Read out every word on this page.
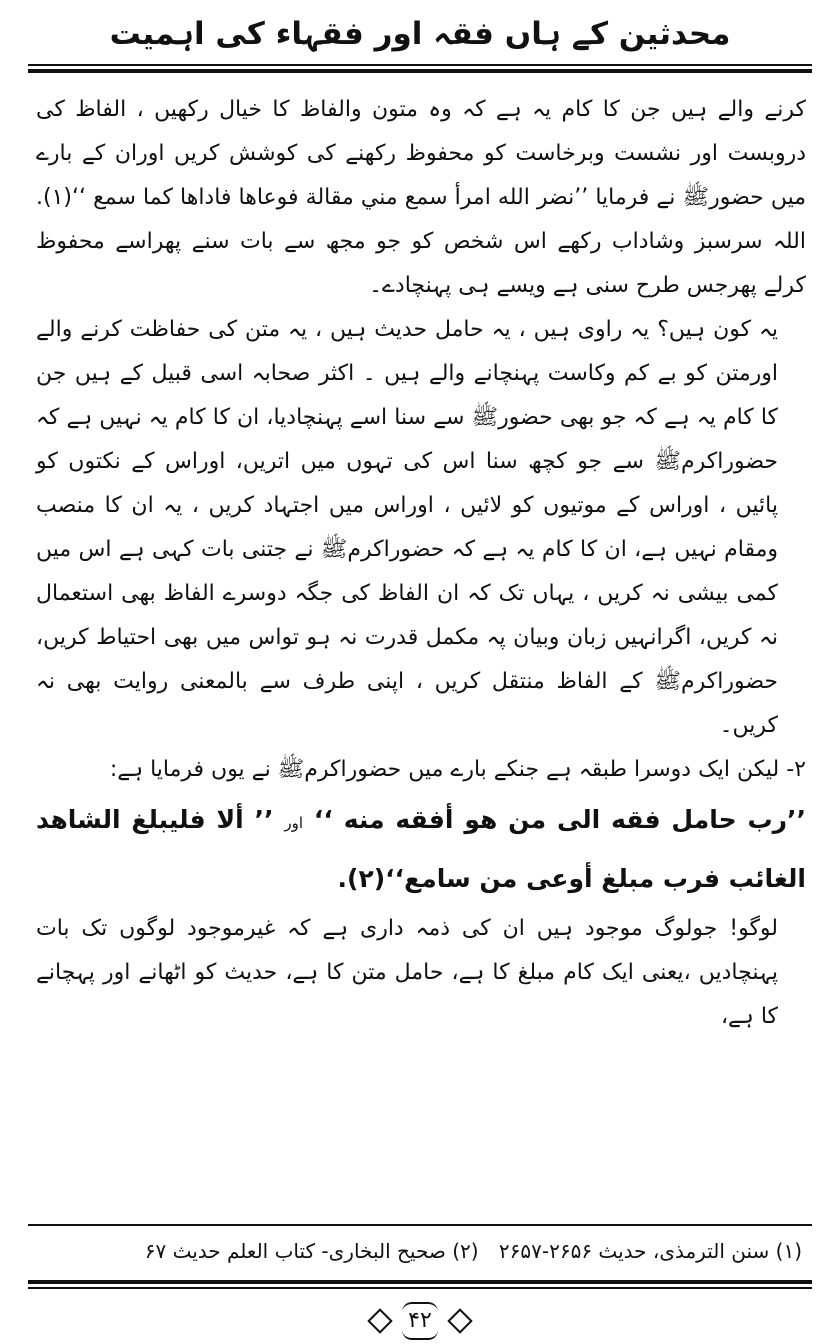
محدثین کے ہاں فقہ اور فقہاء کی اہمیت

کرنے والے ہیں جن کا کام یہ ہے کہ وہ متون والفاظ کا خیال رکھیں ، الفاظ کی دروبست اور نشست وبرخاست کو محفوظ رکھنے کی کوشش کریں اوران کے بارے میں حضورﷺ نے فرمایا ’’نضر الله امرأ سمع مني مقالة فوعاها فاداها كما سمع ‘‘(۱). اللہ سرسبز وشاداب رکھے اس شخص کو جو مجھ سے بات سنے پھراسے محفوظ کرلے پھرجس طرح سنی ہے ویسے ہی پہنچادے۔

یہ کون ہیں؟ یہ راوی ہیں ، یہ حامل حدیث ہیں ، یہ متن کی حفاظت کرنے والے اورمتن کو بے کم وکاست پہنچانے والے ہیں ۔ اکثر صحابہ اسی قبیل کے ہیں جن کا کام یہ ہے کہ جو بھی حضورﷺ سے سنا اسے پہنچادیا، ان کا کام یہ نہیں ہے کہ حضوراکرمﷺ سے جو کچھ سنا اس کی تہوں میں اتریں، اوراس کے نکتوں کو پائیں ، اوراس کے موتیوں کو لائیں ، اوراس میں اجتہاد کریں ، یہ ان کا منصب ومقام نہیں ہے، ان کا کام یہ ہے کہ حضوراکرمﷺ نے جتنی بات کہی ہے اس میں کمی بیشی نہ کریں ، یہاں تک کہ ان الفاظ کی جگہ دوسرے الفاظ بھی استعمال نہ کریں، اگرانہیں زبان وبیان پہ مکمل قدرت نہ ہو تواس میں بھی احتیاط کریں، حضوراکرمﷺ کے الفاظ منتقل کریں ، اپنی طرف سے بالمعنی روایت بھی نہ کریں۔

۲- لیکن ایک دوسرا طبقہ ہے جنکے بارے میں حضوراکرمﷺ نے یوں فرمایا ہے:

’’رب حامل فقه الى من هو أفقه منه ‘‘ اور ’’ ألا فليبلغ الشاهد الغائب فرب مبلغ أوعى من سامع‘‘(۲).

لوگو! جولوگ موجود ہیں ان کی ذمہ داری ہے کہ غیرموجود لوگوں تک بات پہنچادیں ،یعنی ایک کام مبلغ کا ہے، حامل متن کا ہے، حدیث کو اٹھانے اور پہچانے کا ہے،

(۱) سنن الترمذی، حدیث ۲۶۵۶-۲۶۵۷ (۲) صحیح البخاری- کتاب العلم حدیث ۶۷
۴۲
